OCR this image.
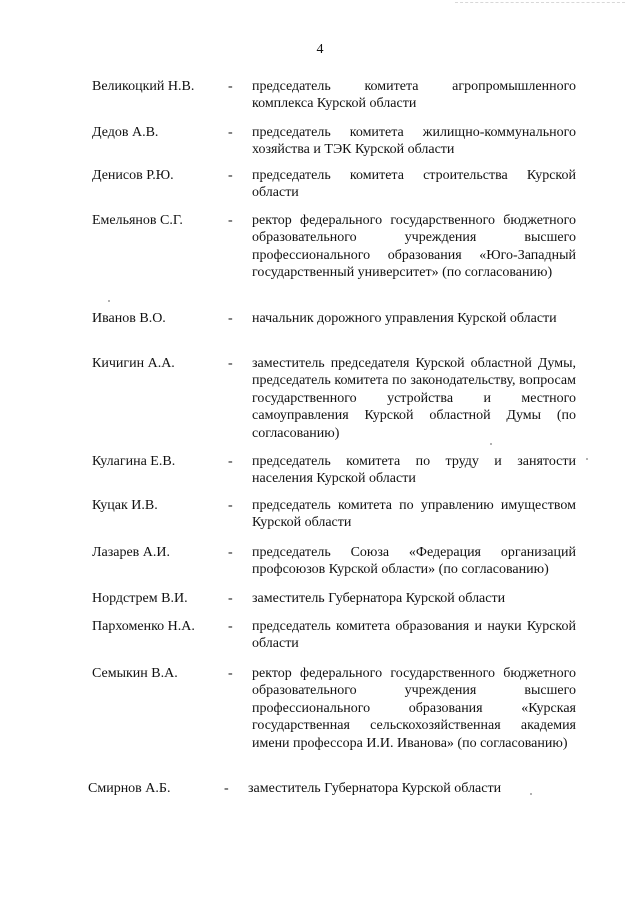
4
Великоцкий Н.В. - председатель комитета агропромышленного комплекса Курской области
Дедов А.В.	- председатель комитета жилищно-коммунального хозяйства и ТЭК Курской области
Денисов Р.Ю.	- председатель комитета строительства Курской области
Емельянов С.Г.	- ректор федерального государственного бюджетного образовательного учреждения высшего профессионального образования «Юго-Западный государственный университет» (по согласованию)
Иванов В.О.	- начальник дорожного управления Курской области
Кичигин А.А.	- заместитель председателя Курской областной Думы, председатель комитета по законодательству, вопросам государственного устройства и местного самоуправления Курской областной Думы (по согласованию)
Кулагина Е.В.	- председатель комитета по труду и занятости населения Курской области
Куцак И.В.	- председатель комитета по управлению имуществом Курской области
Лазарев А.И.	- председатель Союза «Федерация организаций профсоюзов Курской области» (по согласованию)
Нордстрем В.И.	- заместитель Губернатора Курской области
Пархоменко Н.А. - председатель комитета образования и науки Курской области
Семыкин В.А.	- ректор федерального государственного бюджетного образовательного учреждения высшего профессионального образования «Курская государственная сельскохозяйственная академия имени профессора И.И. Иванова» (по согласованию)
Смирнов А.Б.	- заместитель Губернатора Курской области
